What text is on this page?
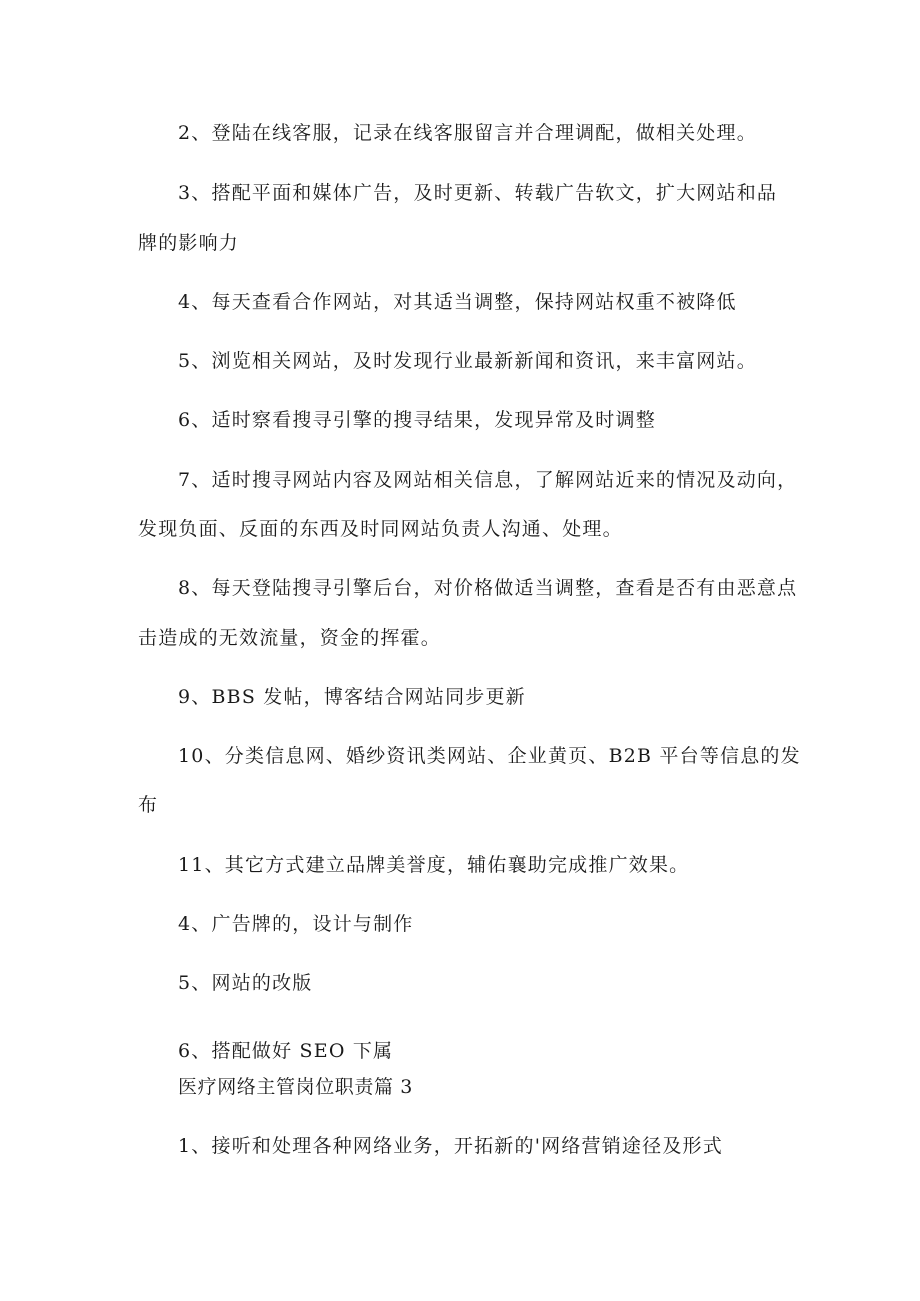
2、登陆在线客服，记录在线客服留言并合理调配，做相关处理。
3、搭配平面和媒体广告，及时更新、转载广告软文，扩大网站和品
牌的影响力
4、每天查看合作网站，对其适当调整，保持网站权重不被降低
5、浏览相关网站，及时发现行业最新新闻和资讯，来丰富网站。
6、适时察看搜寻引擎的搜寻结果，发现异常及时调整
7、适时搜寻网站内容及网站相关信息，了解网站近来的情况及动向，
发现负面、反面的东西及时同网站负责人沟通、处理。
8、每天登陆搜寻引擎后台，对价格做适当调整，查看是否有由恶意点
击造成的无效流量，资金的挥霍。
9、BBS 发帖，博客结合网站同步更新
10、分类信息网、婚纱资讯类网站、企业黄页、B2B 平台等信息的发
布
11、其它方式建立品牌美誉度，辅佑襄助完成推广效果。
4、广告牌的，设计与制作
5、网站的改版
6、搭配做好 SEO 下属
医疗网络主管岗位职责篇 3
1、接听和处理各种网络业务，开拓新的'网络营销途径及形式
